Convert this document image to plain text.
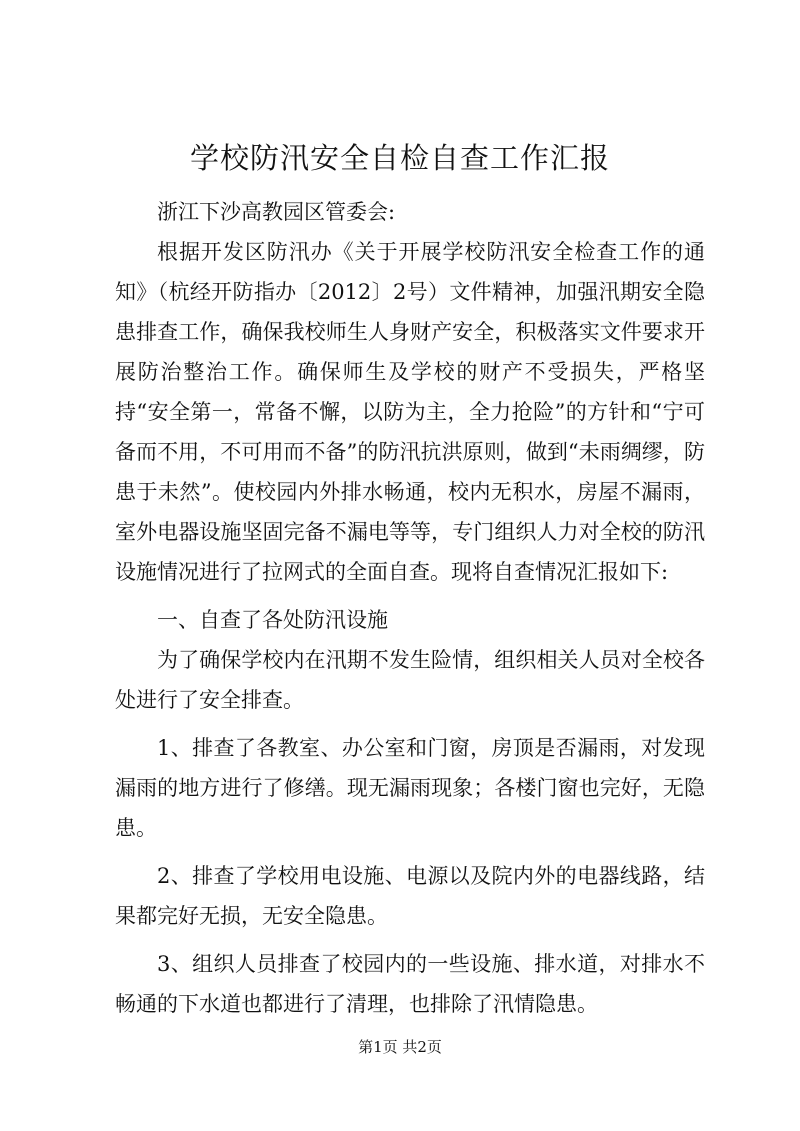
学校防汛安全自检自查工作汇报

浙江下沙高教园区管委会:

根据开发区防汛办《关于开展学校防汛安全检查工作的通知》（杭经开防指办〔2012〕2号）文件精神，加强汛期安全隐患排查工作，确保我校师生人身财产安全，积极落实文件要求开展防治整治工作。确保师生及学校的财产不受损失，严格坚持“安全第一，常备不懈，以防为主，全力抢险”的方针和“宁可备而不用，不可用而不备”的防汛抗洪原则，做到“未雨绸缪，防患于未然”。使校园内外排水畅通，校内无积水，房屋不漏雨，室外电器设施坚固完备不漏电等等，专门组织人力对全校的防汛设施情况进行了拉网式的全面自查。现将自查情况汇报如下:

一、自查了各处防汛设施

为了确保学校内在汛期不发生险情，组织相关人员对全校各处进行了安全排查。

1、排查了各教室、办公室和门窗，房顶是否漏雨，对发现漏雨的地方进行了修缮。现无漏雨现象；各楼门窗也完好，无隐患。

2、排查了学校用电设施、电源以及院内外的电器线路，结果都完好无损，无安全隐患。

3、组织人员排查了校园内的一些设施、排水道，对排水不畅通的下水道也都进行了清理，也排除了汛情隐患。

第1页 共2页
